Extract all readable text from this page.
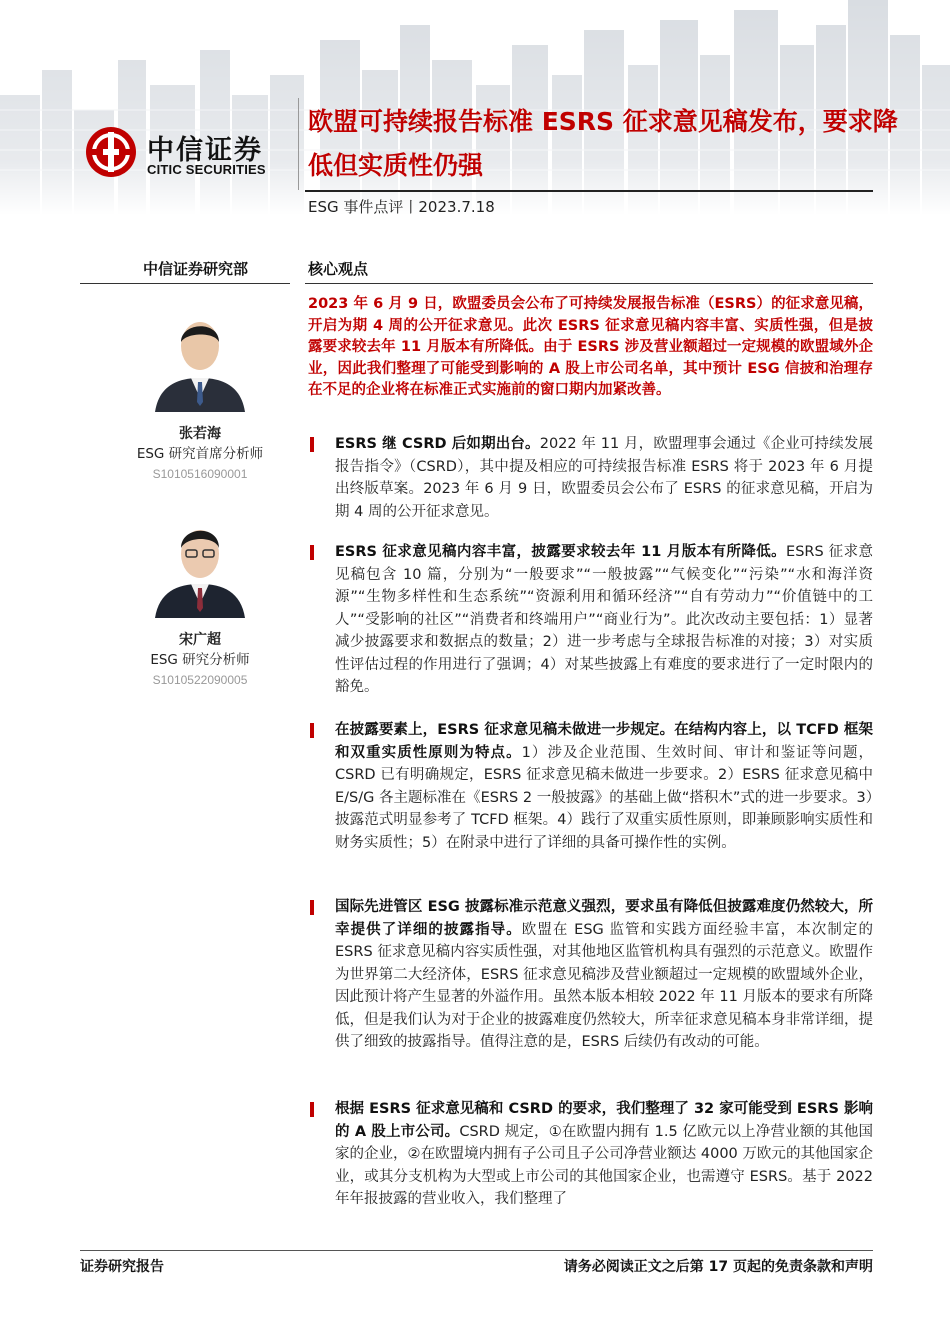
中信证券
CITIC SECURITIES
欧盟可持续报告标准 ESRS 征求意见稿发布，要求降低但实质性仍强
ESG 事件点评丨2023.7.18
中信证券研究部	核心观点
张若海
ESG 研究首席分析师
S1010516090001
宋广超
ESG 研究分析师
S1010522090005
2023 年 6 月 9 日，欧盟委员会公布了可持续发展报告标准（ESRS）的征求意见稿，开启为期 4 周的公开征求意见。此次 ESRS 征求意见稿内容丰富、实质性强，但是披露要求较去年 11 月版本有所降低。由于 ESRS 涉及营业额超过一定规模的欧盟域外企业，因此我们整理了可能受到影响的 A 股上市公司名单，其中预计 ESG 信披和治理存在不足的企业将在标准正式实施前的窗口期内加紧改善。
ESRS 继 CSRD 后如期出台。2022 年 11 月，欧盟理事会通过《企业可持续发展报告指令》（CSRD），其中提及相应的可持续报告标准 ESRS 将于 2023 年 6 月提出终版草案。2023 年 6 月 9 日，欧盟委员会公布了 ESRS 的征求意见稿，开启为期 4 周的公开征求意见。
ESRS 征求意见稿内容丰富，披露要求较去年 11 月版本有所降低。ESRS 征求意见稿包含 10 篇，分别为“一般要求”“一般披露”“气候变化”“污染”“水和海洋资源”“生物多样性和生态系统”“资源利用和循环经济”“自有劳动力”“价值链中的工人”“受影响的社区”“消费者和终端用户”“商业行为”。此次改动主要包括：1）显著减少披露要求和数据点的数量；2）进一步考虑与全球报告标准的对接；3）对实质性评估过程的作用进行了强调；4）对某些披露上有难度的要求进行了一定时限内的豁免。
在披露要素上，ESRS 征求意见稿未做进一步规定。在结构内容上，以 TCFD 框架和双重实质性原则为特点。1）涉及企业范围、生效时间、审计和鉴证等问题，CSRD 已有明确规定，ESRS 征求意见稿未做进一步要求。2）ESRS 征求意见稿中 E/S/G 各主题标准在《ESRS 2 一般披露》的基础上做“搭积木”式的进一步要求。3）披露范式明显参考了 TCFD 框架。4）践行了双重实质性原则，即兼顾影响实质性和财务实质性；5）在附录中进行了详细的具备可操作性的实例。
国际先进管区 ESG 披露标准示范意义强烈，要求虽有降低但披露难度仍然较大，所幸提供了详细的披露指导。欧盟在 ESG 监管和实践方面经验丰富，本次制定的 ESRS 征求意见稿内容实质性强，对其他地区监管机构具有强烈的示范意义。欧盟作为世界第二大经济体，ESRS 征求意见稿涉及营业额超过一定规模的欧盟域外企业，因此预计将产生显著的外溢作用。虽然本版本相较 2022 年 11 月版本的要求有所降低，但是我们认为对于企业的披露难度仍然较大，所幸征求意见稿本身非常详细，提供了细致的披露指导。值得注意的是，ESRS 后续仍有改动的可能。
根据 ESRS 征求意见稿和 CSRD 的要求，我们整理了 32 家可能受到 ESRS 影响的 A 股上市公司。CSRD 规定，①在欧盟内拥有 1.5 亿欧元以上净营业额的其他国家的企业，②在欧盟境内拥有子公司且子公司净营业额达 4000 万欧元的其他国家企业，或其分支机构为大型或上市公司的其他国家企业，也需遵守 ESRS。基于 2022 年年报披露的营业收入，我们整理了
证券研究报告	请务必阅读正文之后第 17 页起的免责条款和声明
